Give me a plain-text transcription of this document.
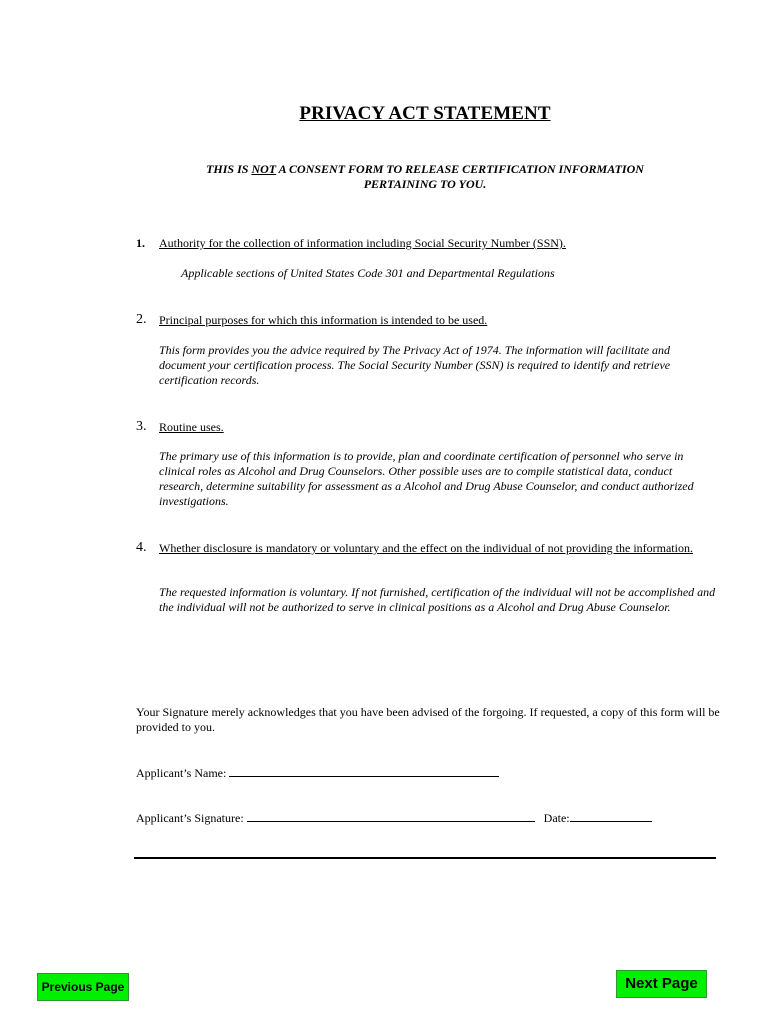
PRIVACY ACT STATEMENT
THIS IS NOT A CONSENT FORM TO RELEASE CERTIFICATION INFORMATION PERTAINING TO YOU.
1. Authority for the collection of information including Social Security Number (SSN).
Applicable sections of United States Code 301 and Departmental Regulations
2. Principal purposes for which this information is intended to be used.
This form provides you the advice required by The Privacy Act of 1974. The information will facilitate and document your certification process. The Social Security Number (SSN) is required to identify and retrieve certification records.
3. Routine uses.
The primary use of this information is to provide, plan and coordinate certification of personnel who serve in clinical roles as Alcohol and Drug Counselors. Other possible uses are to compile statistical data, conduct research, determine suitability for assessment as a Alcohol and Drug Abuse Counselor, and conduct authorized investigations.
4. Whether disclosure is mandatory or voluntary and the effect on the individual of not providing the information.
The requested information is voluntary. If not furnished, certification of the individual will not be accomplished and the individual will not be authorized to serve in clinical positions as a Alcohol and Drug Abuse Counselor.
Your Signature merely acknowledges that you have been advised of the forgoing. If requested, a copy of this form will be provided to you.
Applicant’s Name:
Applicant’s Signature:	Date:
Previous Page	Next Page
